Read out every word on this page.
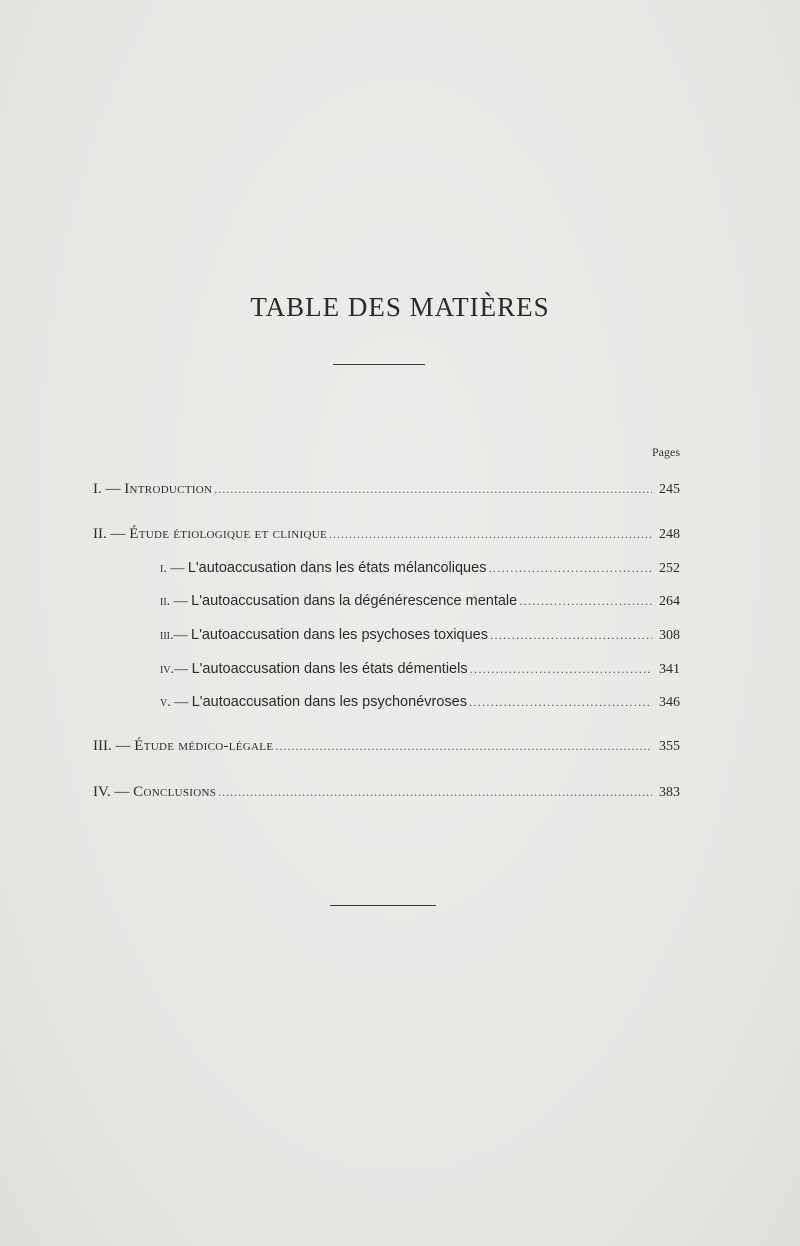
TABLE DES MATIÈRES
Pages
I. — Introduction .....	245
II. — Étude étiologique et clinique .....	248
i. — L'autoaccusation dans les états mélancoliques .....	252
ii. — L'autoaccusation dans la dégénérescence mentale .....	264
iii.— L'autoaccusation dans les psychoses toxiques .....	308
iv.— L'autoaccusation dans les états démentiels .....	341
v. — L'autoaccusation dans les psychonévroses .....	346
III. — Étude médico-légale .....	355
IV. — Conclusions .....	383
